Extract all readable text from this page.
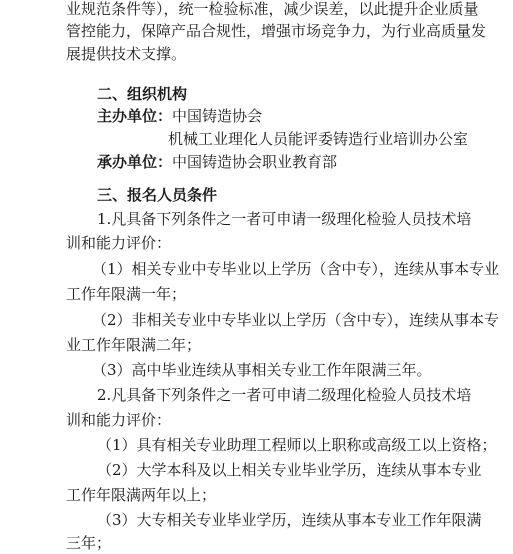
业规范条件等），统一检验标准，减少误差，以此提升企业质量
管控能力，保障产品合规性，增强市场竞争力，为行业高质量发
展提供技术支撑。
二、组织机构
主办单位：中国铸造协会
机械工业理化人员能评委铸造行业培训办公室
承办单位：中国铸造协会职业教育部
三、报名人员条件
1.凡具备下列条件之一者可申请一级理化检验人员技术培
训和能力评价：
（1）相关专业中专毕业以上学历（含中专），连续从事本专业
工作年限满一年；
（2）非相关专业中专毕业以上学历（含中专），连续从事本专
业工作年限满二年；
（3）高中毕业连续从事相关专业工作年限满三年。
2.凡具备下列条件之一者可申请二级理化检验人员技术培
训和能力评价：
（1）具有相关专业助理工程师以上职称或高级工以上资格；
（2）大学本科及以上相关专业毕业学历，连续从事本专业
工作年限满两年以上；
（3）大专相关专业毕业学历，连续从事本专业工作年限满
三年；
